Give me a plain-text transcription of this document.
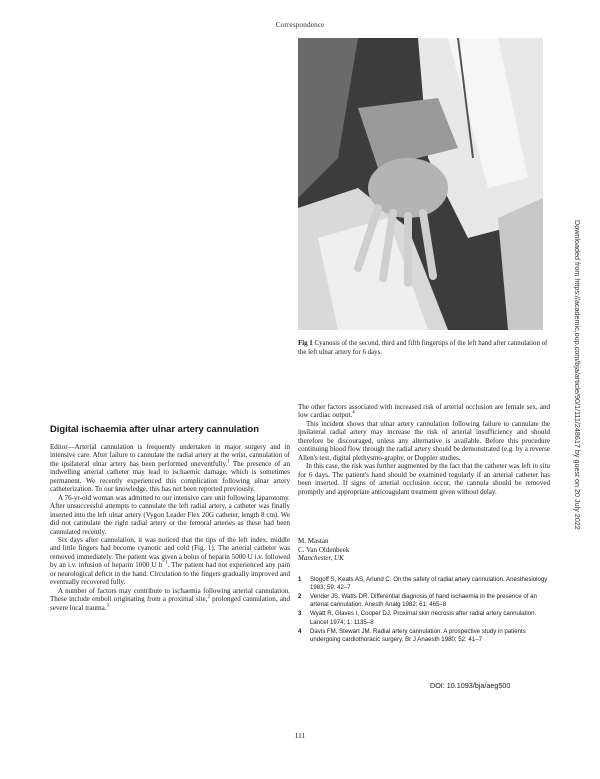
Correspondence
Fig 1 Cyanosis of the second, third and fifth fingertips of the left hand after cannulation of the left ulnar artery for 6 days.
Digital ischaemia after ulnar artery cannulation

Editor—Arterial cannulation is frequently undertaken in major surgery and in intensive care. After failure to cannulate the radial artery at the wrist, cannulation of the ipsilateral ulnar artery has been performed uneventfully.$^1$ The presence of an indwelling arterial catheter may lead to ischaemic damage, which is sometimes permanent. We recently experienced this complication following ulnar artery catheterization. To our knowledge, this has not been reported previously.

A 76-yr-old woman was admitted to our intensive care unit following laparotomy. After unsuccessful attempts to cannulate the left radial artery, a catheter was finally inserted into the left ulnar artery (Vygon Leader Flex 20G catheter, length 8 cm). We did not cannulate the right radial artery or the femoral arteries as these had been cannulated recently.

Six days after cannulation, it was noticed that the tips of the left index, middle and little fingers had become cyanotic and cold (Fig. 1). The arterial catheter was removed immediately. The patient was given a bolus of heparin 5000 U i.v. followed by an i.v. infusion of heparin 1000 U $h^{-1}$. The patient had not experienced any pain or neurological deficit in the hand. Circulation to the fingers gradually improved and eventually recovered fully.

A number of factors may contribute to ischaemia following arterial cannulation. These include emboli originating from a proximal site,$^2$ prolonged cannulation, and severe local trauma.$^3$

The other factors associated with increased risk of arterial occlusion are female sex, and low cardiac output.$^4$

This incident shows that ulnar artery cannulation following failure to cannulate the ipsilateral radial artery may increase the risk of arterial insufficiency and should therefore be discouraged, unless any alternative is available. Before this procedure continuing blood flow through the radial artery should be demonstrated (e.g. by a reverse Allen's test, digital plethysmo-graphy, or Doppler studies.

In this case, the risk was further augmented by the fact that the catheter was left in situ for 6 days. The patient's hand should be examined regularly if an arterial catheter has been inserted. If signs of arterial occlusion occur, the cannula should be removed promptly and appropriate anticoagulant treatment given without delay.

M. Mastan
C. Van Oldenbeek
Manchester, UK
1 Slogoff S, Keats AS, Arlund C. On the safety of radial artery cannulation. Anesthesiology 1983; 59: 42–7
2 Vender JS, Watts DR. Differential diagnosis of hand ischaemia in the presence of an arterial cannulation. Anesth Analg 1982; 61: 465–8
3 Wyatt R, Glaves I, Cooper DJ. Proximal skin necrosis after radial artery cannulation. Lancet 1974; 1: 1135–8
4 Davis FM, Stewart JM. Radial artery cannulation. A prospective study in patients undergoing cardiothoracic surgery. Br J Anaesth 1980; 52: 41–7
DOI: 10.1093/bja/aeg500
111
Downloaded from https://academic.oup.com/bja/article/90/1/111/248617 by guest on 20 July 2022
